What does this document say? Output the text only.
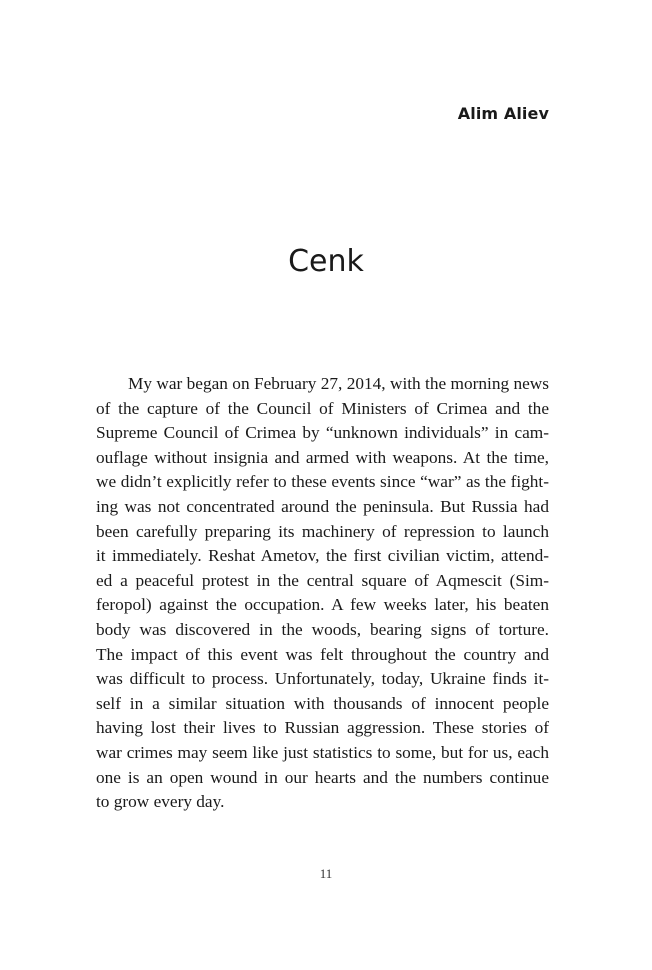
Alim Aliev
Cenk
My war began on February 27, 2014, with the morning news
of the capture of the Council of Ministers of Crimea and the
Supreme Council of Crimea by “unknown individuals” in cam-
ouflage without insignia and armed with weapons. At the time,
we didn’t explicitly refer to these events since “war” as the fight-
ing was not concentrated around the peninsula. But Russia had
been carefully preparing its machinery of repression to launch
it immediately. Reshat Ametov, the first civilian victim, attend-
ed a peaceful protest in the central square of Aqmescit (Sim-
feropol) against the occupation. A few weeks later, his beaten
body was discovered in the woods, bearing signs of torture.
The impact of this event was felt throughout the country and
was difficult to process. Unfortunately, today, Ukraine finds it-
self in a similar situation with thousands of innocent people
having lost their lives to Russian aggression. These stories of
war crimes may seem like just statistics to some, but for us, each
one is an open wound in our hearts and the numbers continue
to grow every day.
11
